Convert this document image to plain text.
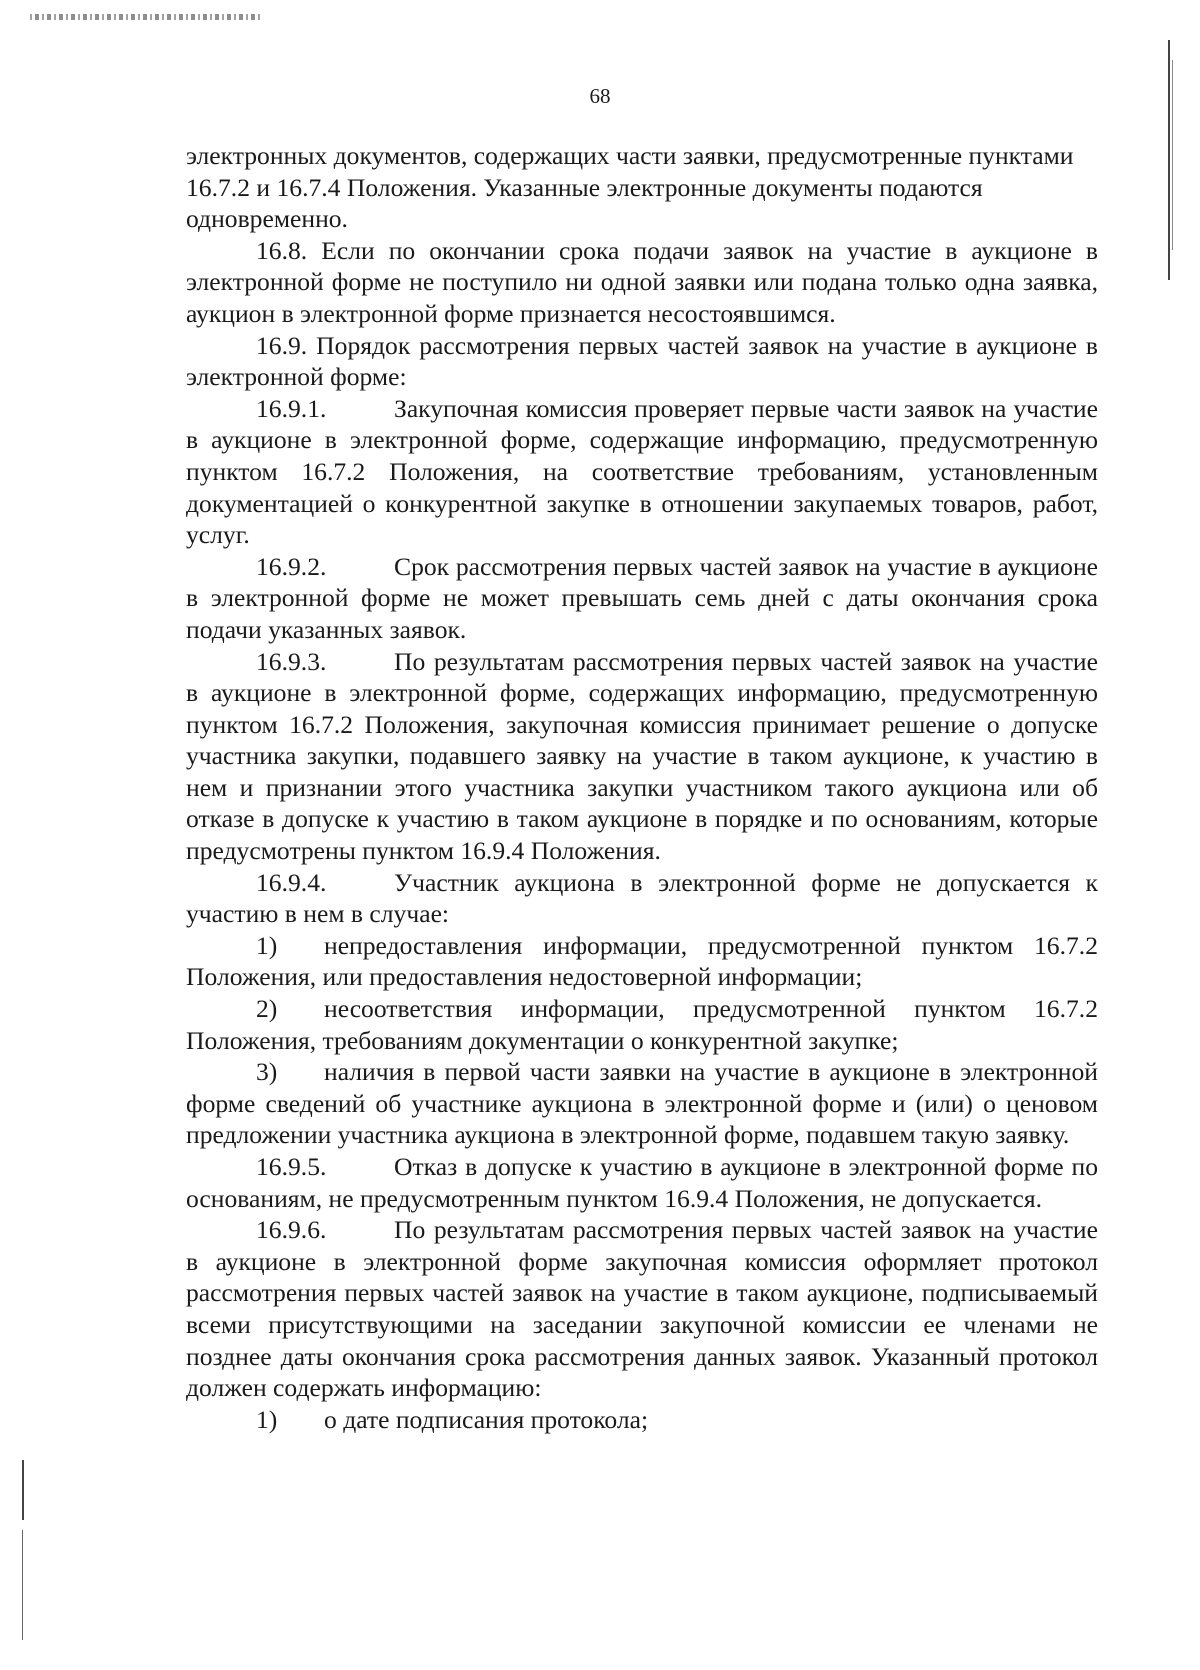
68

электронных документов, содержащих части заявки, предусмотренные пунктами 16.7.2 и 16.7.4 Положения. Указанные электронные документы подаются одновременно.

16.8. Если по окончании срока подачи заявок на участие в аукционе в электронной форме не поступило ни одной заявки или подана только одна заявка, аукцион в электронной форме признается несостоявшимся.

16.9. Порядок рассмотрения первых частей заявок на участие в аукционе в электронной форме:

16.9.1.	Закупочная комиссия проверяет первые части заявок на участие в аукционе в электронной форме, содержащие информацию, предусмотренную пунктом 16.7.2 Положения, на соответствие требованиям, установленным документацией о конкурентной закупке в отношении закупаемых товаров, работ, услуг.

16.9.2.	Срок рассмотрения первых частей заявок на участие в аукционе в электронной форме не может превышать семь дней с даты окончания срока подачи указанных заявок.

16.9.3.	По результатам рассмотрения первых частей заявок на участие в аукционе в электронной форме, содержащих информацию, предусмотренную пунктом 16.7.2 Положения, закупочная комиссия принимает решение о допуске участника закупки, подавшего заявку на участие в таком аукционе, к участию в нем и признании этого участника закупки участником такого аукциона или об отказе в допуске к участию в таком аукционе в порядке и по основаниям, которые предусмотрены пунктом 16.9.4 Положения.

16.9.4.	Участник аукциона в электронной форме не допускается к участию в нем в случае:

1) непредоставления информации, предусмотренной пунктом 16.7.2 Положения, или предоставления недостоверной информации;

2) несоответствия информации, предусмотренной пунктом 16.7.2 Положения, требованиям документации о конкурентной закупке;

3) наличия в первой части заявки на участие в аукционе в электронной форме сведений об участнике аукциона в электронной форме и (или) о ценовом предложении участника аукциона в электронной форме, подавшем такую заявку.

16.9.5.	Отказ в допуске к участию в аукционе в электронной форме по основаниям, не предусмотренным пунктом 16.9.4 Положения, не допускается.

16.9.6.	По результатам рассмотрения первых частей заявок на участие в аукционе в электронной форме закупочная комиссия оформляет протокол рассмотрения первых частей заявок на участие в таком аукционе, подписываемый всеми присутствующими на заседании закупочной комиссии ее членами не позднее даты окончания срока рассмотрения данных заявок. Указанный протокол должен содержать информацию:

1) о дате подписания протокола;
